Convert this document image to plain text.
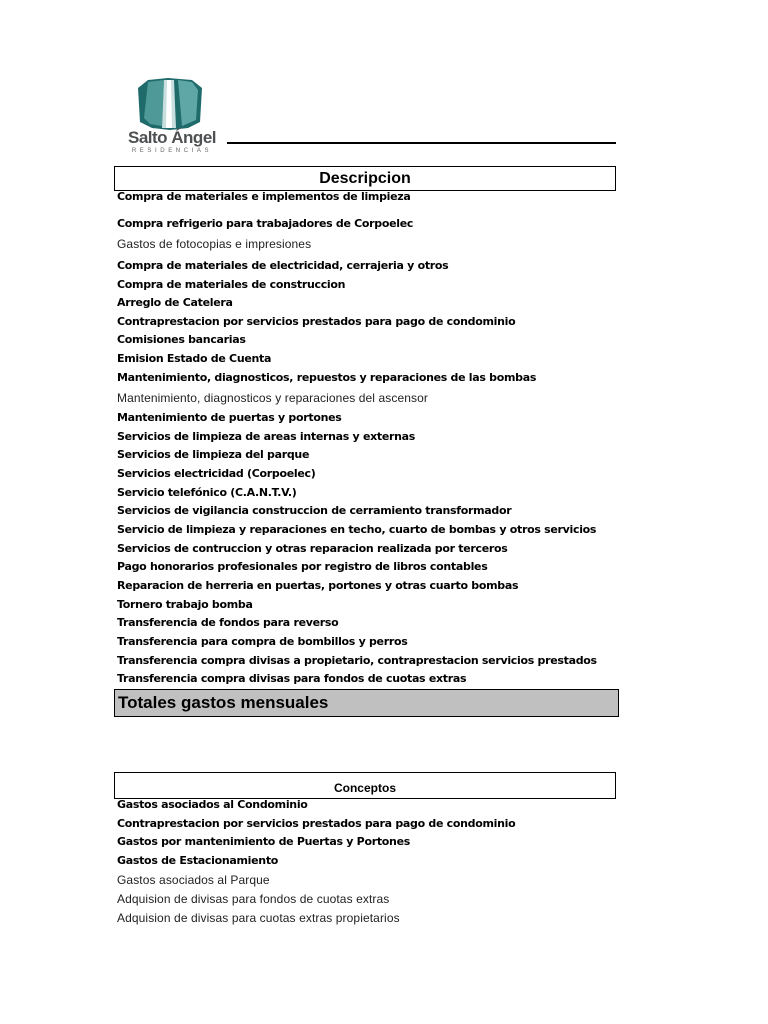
Salto Ángel
RESIDENCIAS
Descripcion
Compra de materiales e implementos de limpieza
Compra refrigerio para trabajadores de Corpoelec
Gastos de fotocopias e impresiones
Compra de materiales de electricidad, cerrajeria y otros
Compra de materiales de construccion
Arreglo de Catelera
Contraprestacion por servicios prestados para pago de condominio
Comisiones bancarias
Emision Estado de Cuenta
Mantenimiento, diagnosticos, repuestos y reparaciones de las bombas
Mantenimiento, diagnosticos y reparaciones del ascensor
Mantenimiento de puertas y portones
Servicios de limpieza de areas internas y externas
Servicios de limpieza del parque
Servicios electricidad (Corpoelec)
Servicio telefónico (C.A.N.T.V.)
Servicios de vigilancia construccion de cerramiento transformador
Servicio de limpieza y reparaciones en techo, cuarto de bombas y otros servicios
Servicios de contruccion y otras reparacion realizada por terceros
Pago honorarios profesionales por registro de libros contables
Reparacion de herreria en puertas, portones y otras cuarto bombas
Tornero trabajo bomba
Transferencia de fondos para reverso
Transferencia para compra de bombillos y perros
Transferencia compra divisas a propietario, contraprestacion servicios prestados
Transferencia compra divisas para fondos de cuotas extras
Totales gastos mensuales
Conceptos
Gastos asociados al Condominio
Contraprestacion por servicios prestados para pago de condominio
Gastos por mantenimiento de Puertas y Portones
Gastos de Estacionamiento
Gastos asociados al Parque
Adquision de divisas para fondos de cuotas extras
Adquision de divisas para cuotas extras propietarios
